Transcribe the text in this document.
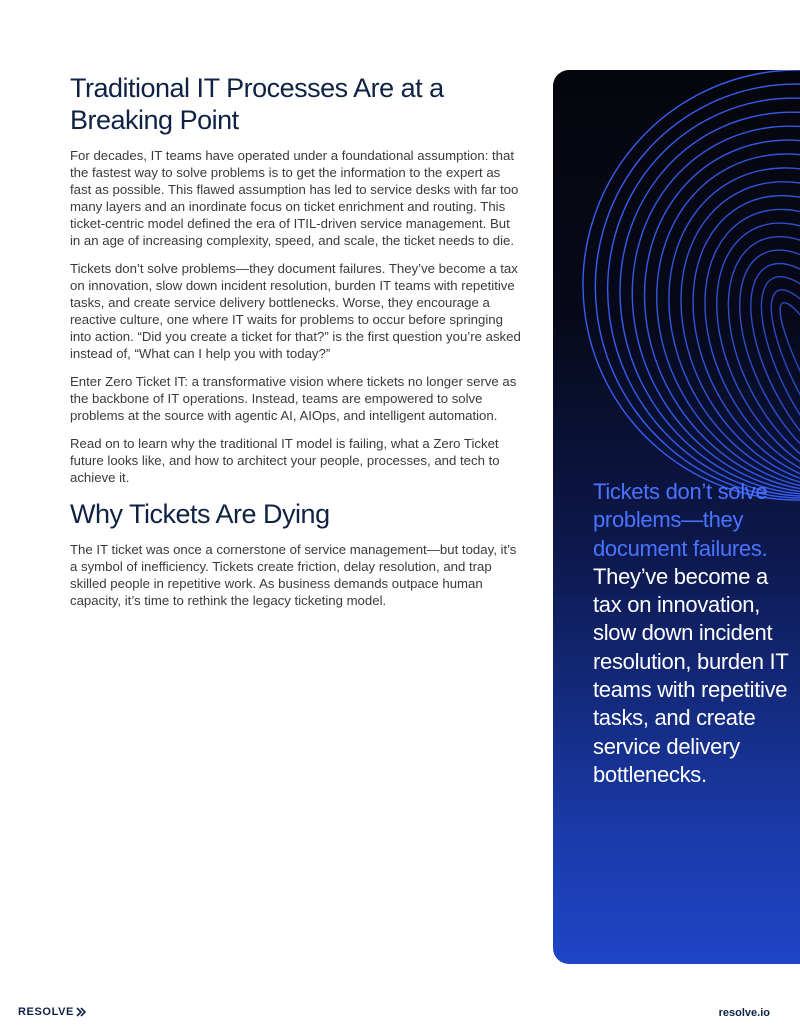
Traditional IT Processes Are at a
Breaking Point

For decades, IT teams have operated under a foundational assumption: that the fastest way to solve problems is to get the information to the expert as fast as possible. This flawed assumption has led to service desks with far too many layers and an inordinate focus on ticket enrichment and routing. This ticket-centric model defined the era of ITIL-driven service management. But in an age of increasing complexity, speed, and scale, the ticket needs to die.

Tickets don’t solve problems—they document failures. They’ve become a tax on innovation, slow down incident resolution, burden IT teams with repetitive tasks, and create service delivery bottlenecks. Worse, they encourage a reactive culture, one where IT waits for problems to occur before springing into action. “Did you create a ticket for that?” is the first question you’re asked instead of, “What can I help you with today?”

Enter Zero Ticket IT: a transformative vision where tickets no longer serve as the backbone of IT operations. Instead, teams are empowered to solve problems at the source with agentic AI, AIOps, and intelligent automation.

Read on to learn why the traditional IT model is failing, what a Zero Ticket future looks like, and how to architect your people, processes, and tech to achieve it.

Why Tickets Are Dying

The IT ticket was once a cornerstone of service management—but today, it’s a symbol of inefficiency. Tickets create friction, delay resolution, and trap skilled people in repetitive work. As business demands outpace human capacity, it’s time to rethink the legacy ticketing model.

Tickets don’t solve problems—they document failures. They’ve become a tax on innovation, slow down incident resolution, burden IT teams with repetitive tasks, and create service delivery bottlenecks.
RESOLVE	resolve.io
